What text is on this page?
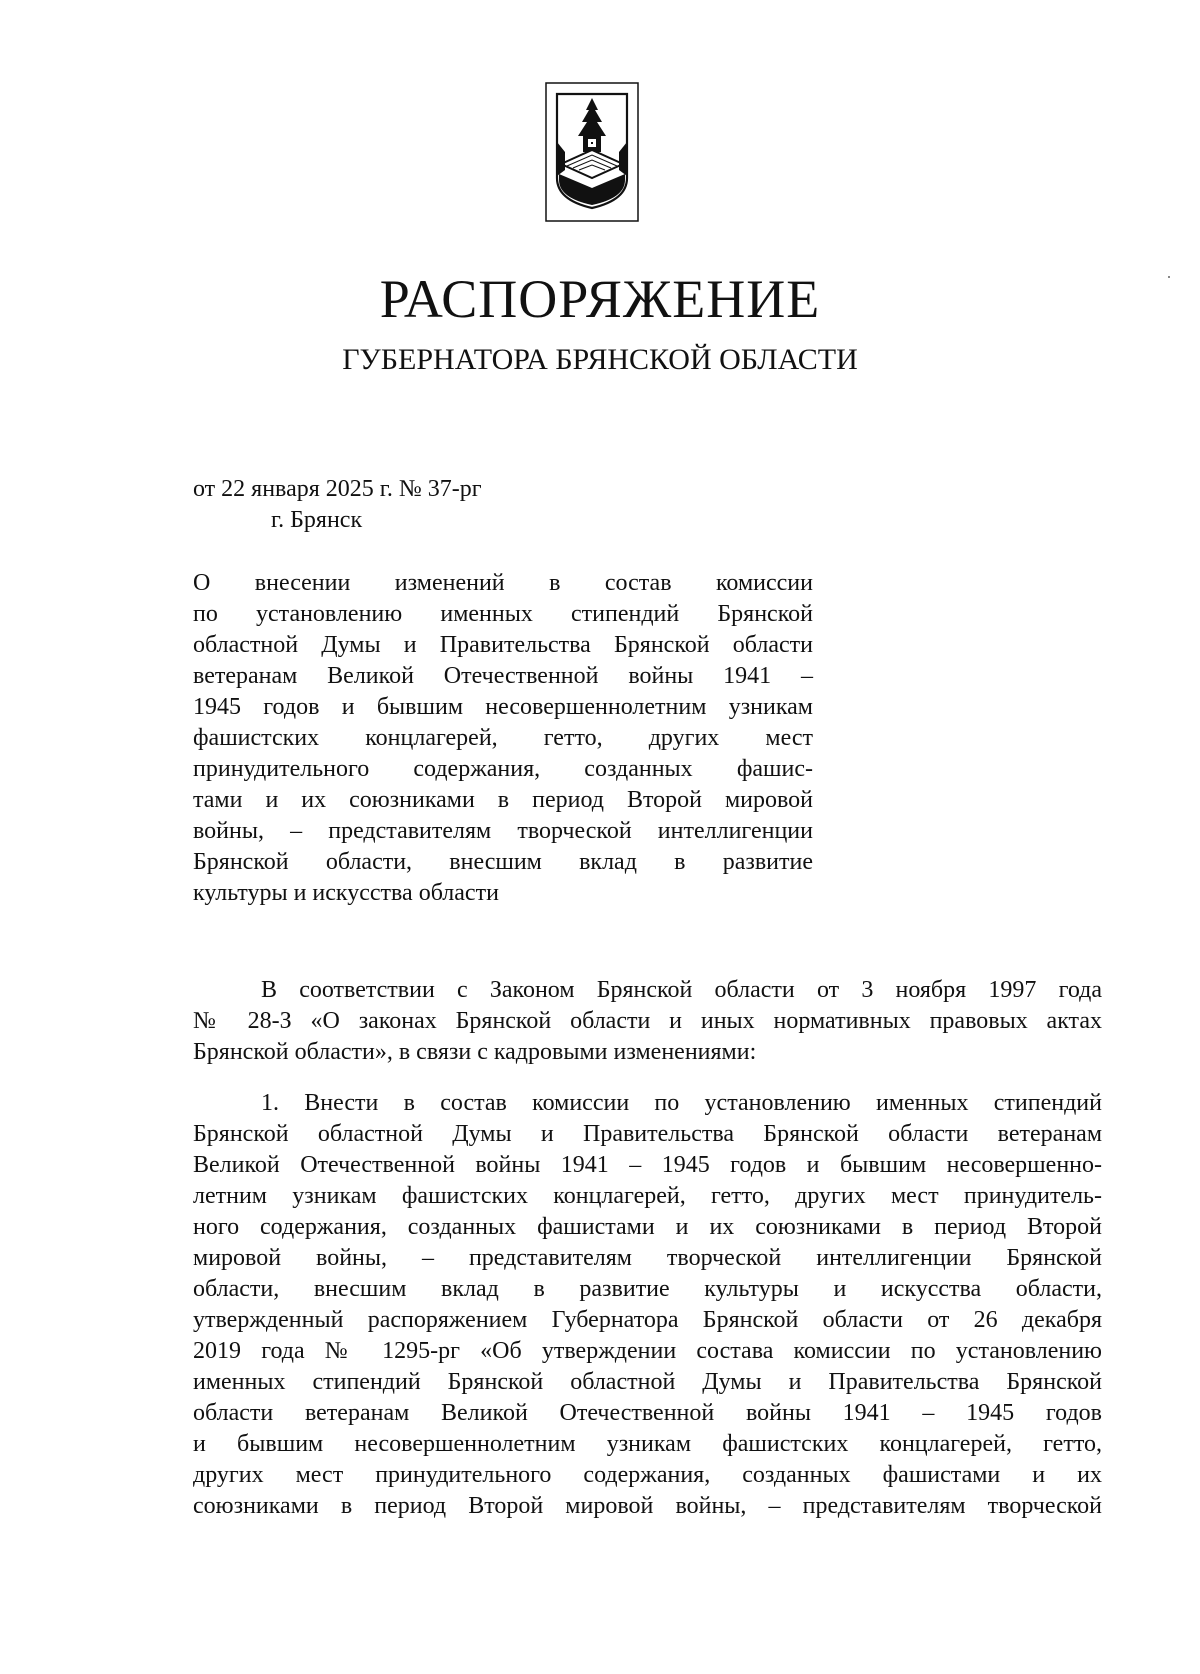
РАСПОРЯЖЕНИЕ
ГУБЕРНАТОРА БРЯНСКОЙ ОБЛАСТИ
от 22 января 2025 г. № 37-рг
г. Брянск
О внесении изменений в состав комиссии
по установлению именных стипендий Брянской
областной Думы и Правительства Брянской области
ветеранам Великой Отечественной войны 1941 –
1945 годов и бывшим несовершеннолетним узникам
фашистских концлагерей, гетто, других мест
принудительного содержания, созданных фашис-
тами и их союзниками в период Второй мировой
войны, – представителям творческой интеллигенции
Брянской области, внесшим вклад в развитие
культуры и искусства области
В соответствии с Законом Брянской области от 3 ноября 1997 года
№ 28-З «О законах Брянской области и иных нормативных правовых актах
Брянской области», в связи с кадровыми изменениями:
1. Внести в состав комиссии по установлению именных стипендий
Брянской областной Думы и Правительства Брянской области ветеранам
Великой Отечественной войны 1941 – 1945 годов и бывшим несовершенно-
летним узникам фашистских концлагерей, гетто, других мест принудитель-
ного содержания, созданных фашистами и их союзниками в период Второй
мировой войны, – представителям творческой интеллигенции Брянской
области, внесшим вклад в развитие культуры и искусства области,
утвержденный распоряжением Губернатора Брянской области от 26 декабря
2019 года № 1295-рг «Об утверждении состава комиссии по установлению
именных стипендий Брянской областной Думы и Правительства Брянской
области ветеранам Великой Отечественной войны 1941 – 1945 годов
и бывшим несовершеннолетним узникам фашистских концлагерей, гетто,
других мест принудительного содержания, созданных фашистами и их
союзниками в период Второй мировой войны, – представителям творческой
